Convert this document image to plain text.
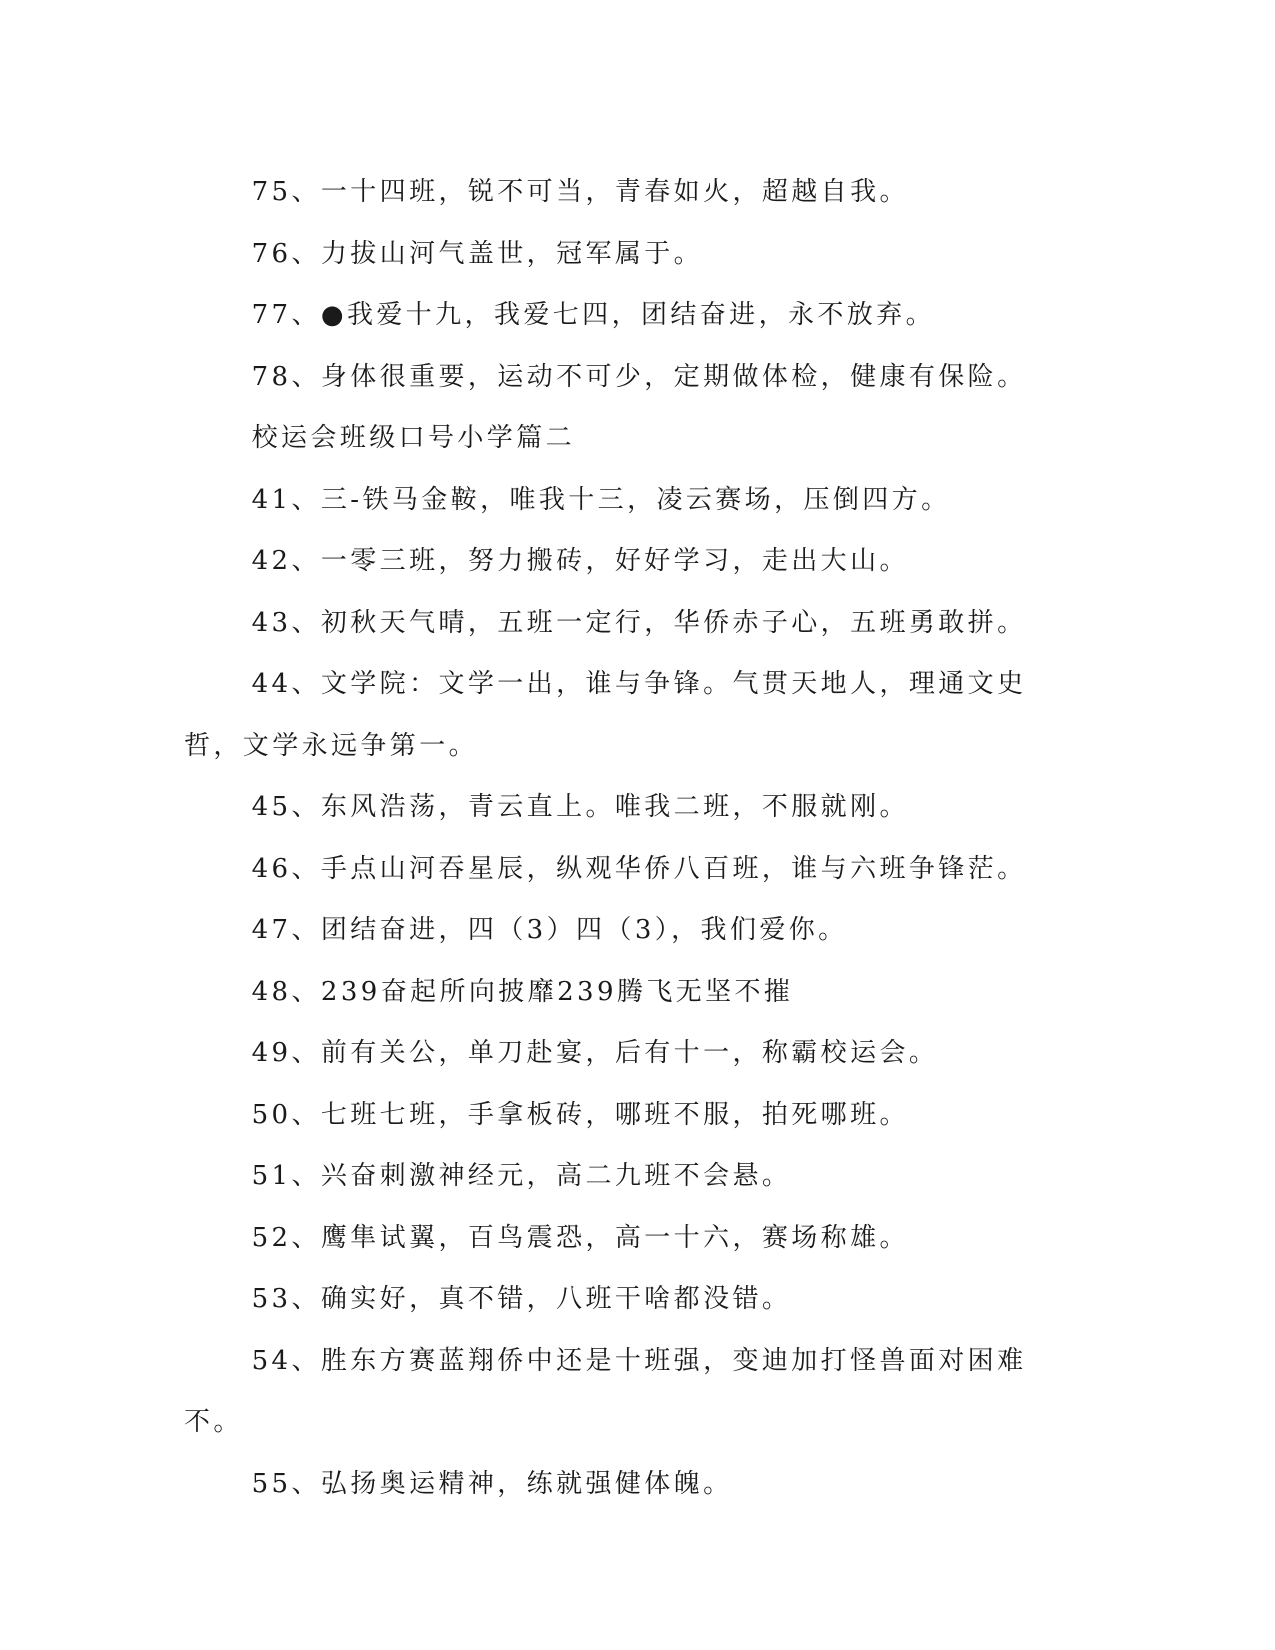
75、一十四班，锐不可当，青春如火，超越自我。

76、力拔山河气盖世，冠军属于。

77、●我爱十九，我爱七四，团结奋进，永不放弃。

78、身体很重要，运动不可少，定期做体检，健康有保险。

校运会班级口号小学篇二

41、三-铁马金鞍，唯我十三，凌云赛场，压倒四方。

42、一零三班，努力搬砖，好好学习，走出大山。

43、初秋天气晴，五班一定行，华侨赤子心，五班勇敢拼。

44、文学院：文学一出，谁与争锋。气贯天地人，理通文史哲，文学永远争第一。

45、东风浩荡，青云直上。唯我二班，不服就刚。

46、手点山河吞星辰，纵观华侨八百班，谁与六班争锋茫。

47、团结奋进，四（3）四（3），我们爱你。

48、239奋起所向披靡239腾飞无坚不摧

49、前有关公，单刀赴宴，后有十一，称霸校运会。

50、七班七班，手拿板砖，哪班不服，拍死哪班。

51、兴奋刺激神经元，高二九班不会悬。

52、鹰隼试翼，百鸟震恐，高一十六，赛场称雄。

53、确实好，真不错，八班干啥都没错。

54、胜东方赛蓝翔侨中还是十班强，变迪加打怪兽面对困难不。

55、弘扬奥运精神，练就强健体魄。
